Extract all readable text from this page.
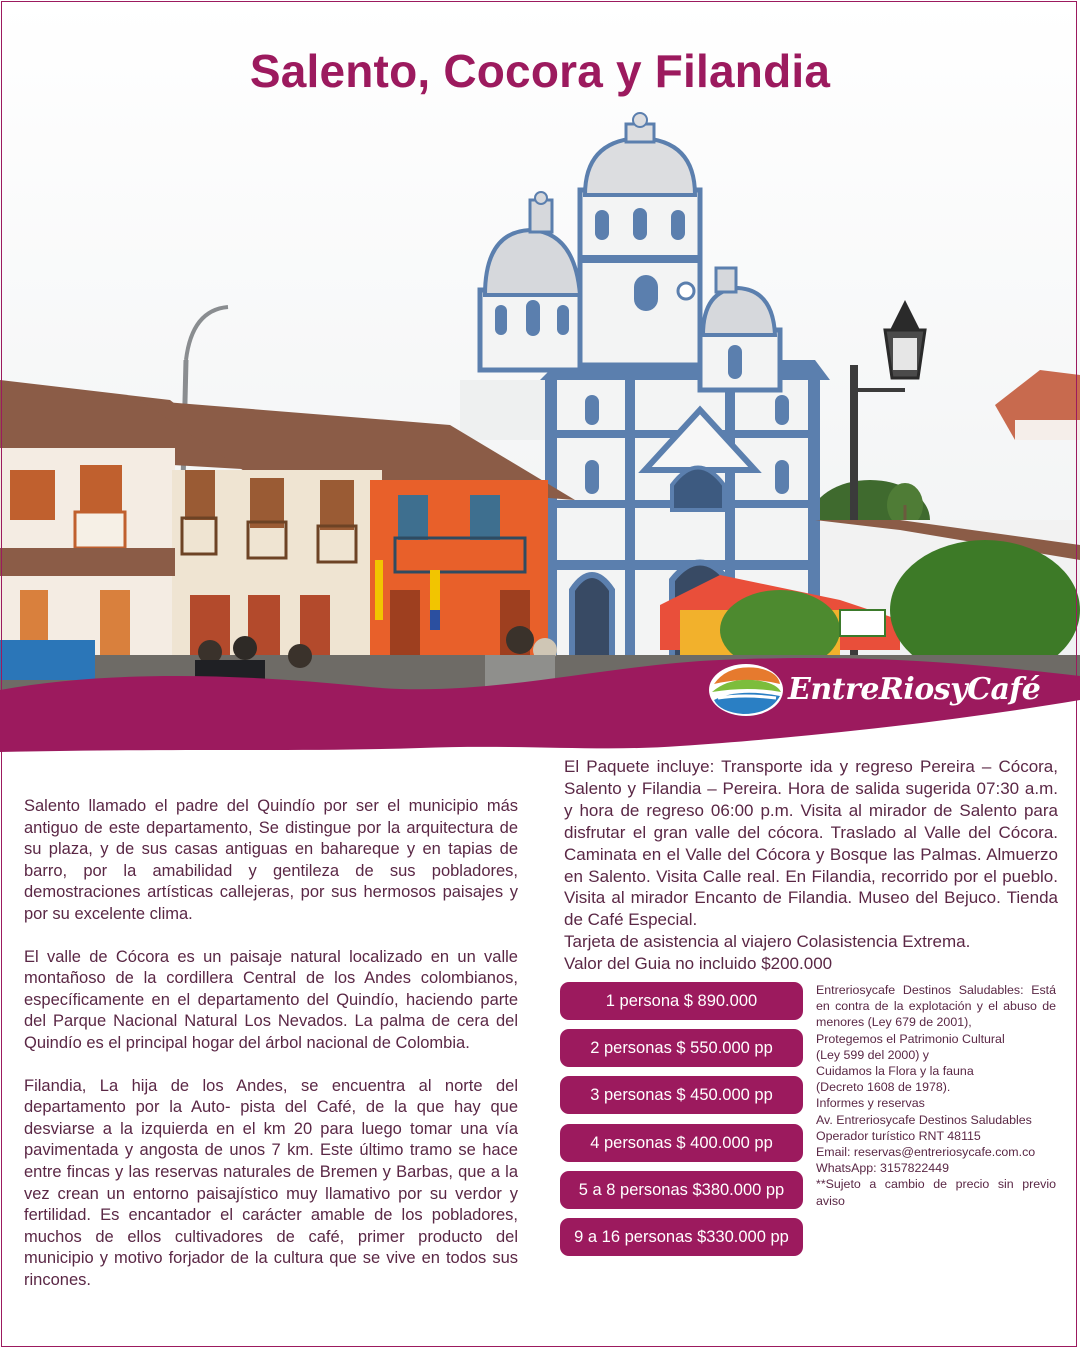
Salento, Cocora y Filandia
EntreRiosyCafé

Salento llamado el padre del Quindío por ser el municipio más antiguo de este departamento, Se distingue por la arquitectura de su plaza, y de sus casas antiguas en bahareque y en tapias de barro, por la amabilidad y gentileza de sus pobladores, demostraciones artísticas callejeras, por sus hermosos paisajes y por su excelente clima.

El valle de Cócora es un paisaje natural localizado en un valle montañoso de la cordillera Central de los Andes colombianos, específicamente en el departamento del Quindío, haciendo parte del Parque Nacional Natural Los Nevados. La palma de cera del Quindío es el principal hogar del árbol nacional de Colombia.

Filandia, La hija de los Andes, se encuentra al norte del departamento por la Auto- pista del Café, de la que hay que desviarse a la izquierda en el km 20 para luego tomar una vía pavimentada y angosta de unos 7 km. Este último tramo se hace entre fincas y las reservas naturales de Bremen y Barbas, que a la vez crean un entorno paisajístico muy llamativo por su verdor y fertilidad. Es encantador el carácter amable de los pobladores, muchos de ellos cultivadores de café, primer producto del municipio y motivo forjador de la cultura que se vive en todos sus rincones.

El Paquete incluye: Transporte ida y regreso Pereira – Cócora, Salento y Filandia – Pereira. Hora de salida sugerida 07:30 a.m. y hora de regreso 06:00 p.m. Visita al mirador de Salento para disfrutar el gran valle del cócora. Traslado al Valle del Cócora. Caminata en el Valle del Cócora y Bosque las Palmas. Almuerzo en Salento. Visita Calle real. En Filandia, recorrido por el pueblo. Visita al mirador Encanto de Filandia. Museo del Bejuco. Tienda de Café Especial.

Tarjeta de asistencia al viajero Colasistencia Extrema.

Valor del Guia no incluido $200.000

1 persona $ 890.000
2 personas $ 550.000 pp
3 personas $ 450.000 pp
4 personas $ 400.000 pp
5 a 8 personas $380.000 pp
9 a 16 personas $330.000 pp

Entreriosycafe Destinos Saludables: Está en contra de la explotación y el abuso de menores (Ley 679 de 2001),

Protegemos el Patrimonio Cultural

(Ley 599 del 2000) y

Cuidamos la Flora y la fauna

(Decreto 1608 de 1978).

Informes y reservas

Av. Entreriosycafe Destinos Saludables

Operador turístico RNT 48115

Email: reservas@entreriosycafe.com.co

WhatsApp: 3157822449

**Sujeto a cambio de precio sin previo aviso
